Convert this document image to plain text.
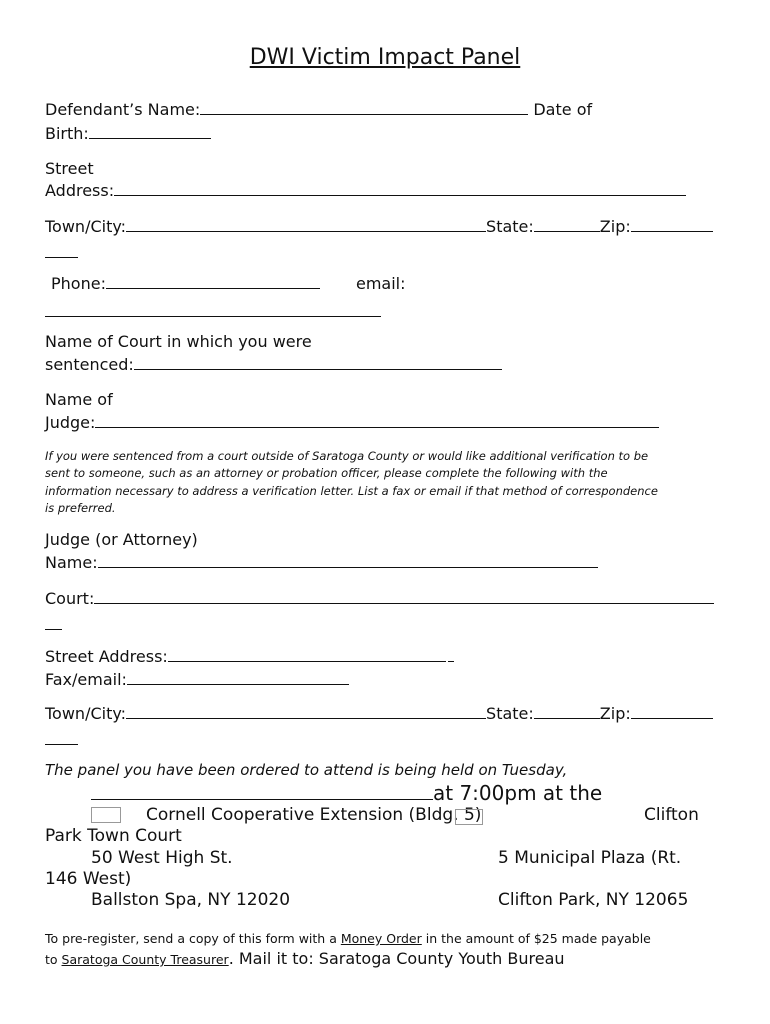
DWI Victim Impact Panel
Defendant’s Name:	Date of
Birth:
Street
Address:
Town/City:	State:	Zip:
Phone:	email:
Name of Court in which you were
sentenced:
Name of
Judge:
If you were sentenced from a court outside of Saratoga County or would like additional verification to be
sent to someone, such as an attorney or probation officer, please complete the following with the
information necessary to address a verification letter. List a fax or email if that method of correspondence
is preferred.
Judge (or Attorney)
Name:
Court:
Street Address:
Fax/email:
Town/City:	State:	Zip:
The panel you have been ordered to attend is being held on Tuesday,
at 7:00pm at the
Cornell Cooperative Extension (Bldg. 5)	Clifton
Park Town Court
50 West High St.	5 Municipal Plaza (Rt.
146 West)
Ballston Spa, NY 12020	Clifton Park, NY 12065
To pre-register, send a copy of this form with a Money Order in the amount of $25 made payable
to Saratoga County Treasurer. Mail it to: Saratoga County Youth Bureau
